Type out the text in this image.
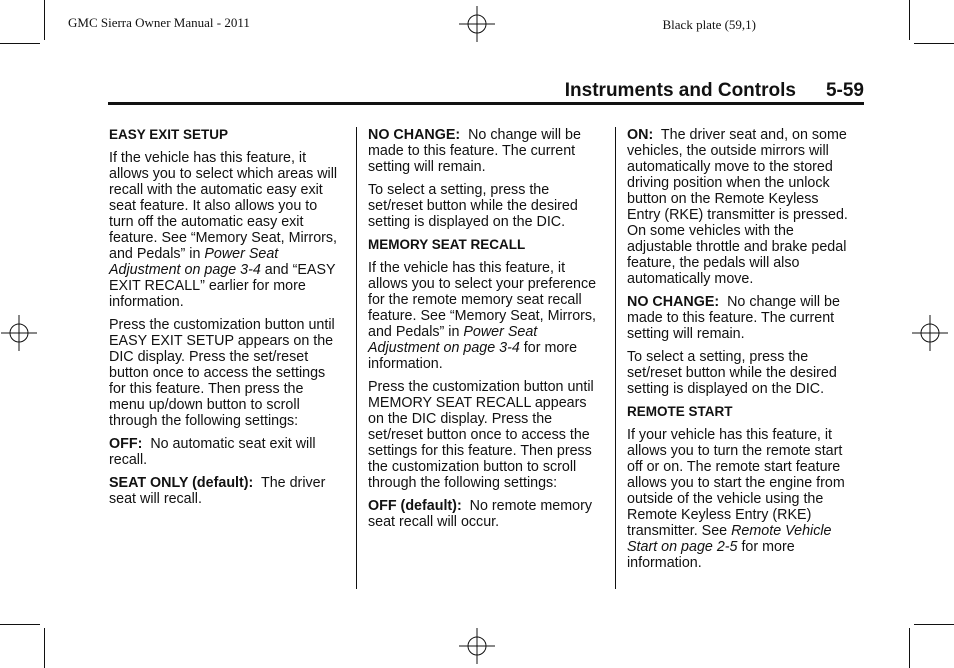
GMC Sierra Owner Manual - 2011	Black plate (59,1)
Instruments and Controls 5-59

EASY EXIT SETUP

If the vehicle has this feature, it allows you to select which areas will recall with the automatic easy exit seat feature. It also allows you to turn off the automatic easy exit feature. See “Memory Seat, Mirrors, and Pedals” in Power Seat Adjustment on page 3-4 and “EASY EXIT RECALL” earlier for more information.

Press the customization button until EASY EXIT SETUP appears on the DIC display. Press the set/reset button once to access the settings for this feature. Then press the menu up/down button to scroll through the following settings:

OFF: No automatic seat exit will recall.

SEAT ONLY (default): The driver seat will recall.

NO CHANGE: No change will be made to this feature. The current setting will remain.

To select a setting, press the set/reset button while the desired setting is displayed on the DIC.

MEMORY SEAT RECALL

If the vehicle has this feature, it allows you to select your preference for the remote memory seat recall feature. See “Memory Seat, Mirrors, and Pedals” in Power Seat Adjustment on page 3-4 for more information.

Press the customization button until MEMORY SEAT RECALL appears on the DIC display. Press the set/reset button once to access the settings for this feature. Then press the customization button to scroll through the following settings:

OFF (default): No remote memory seat recall will occur.

ON: The driver seat and, on some vehicles, the outside mirrors will automatically move to the stored driving position when the unlock button on the Remote Keyless Entry (RKE) transmitter is pressed. On some vehicles with the adjustable throttle and brake pedal feature, the pedals will also automatically move.

NO CHANGE: No change will be made to this feature. The current setting will remain.

To select a setting, press the set/reset button while the desired setting is displayed on the DIC.

REMOTE START

If your vehicle has this feature, it allows you to turn the remote start off or on. The remote start feature allows you to start the engine from outside of the vehicle using the Remote Keyless Entry (RKE) transmitter. See Remote Vehicle Start on page 2-5 for more information.
